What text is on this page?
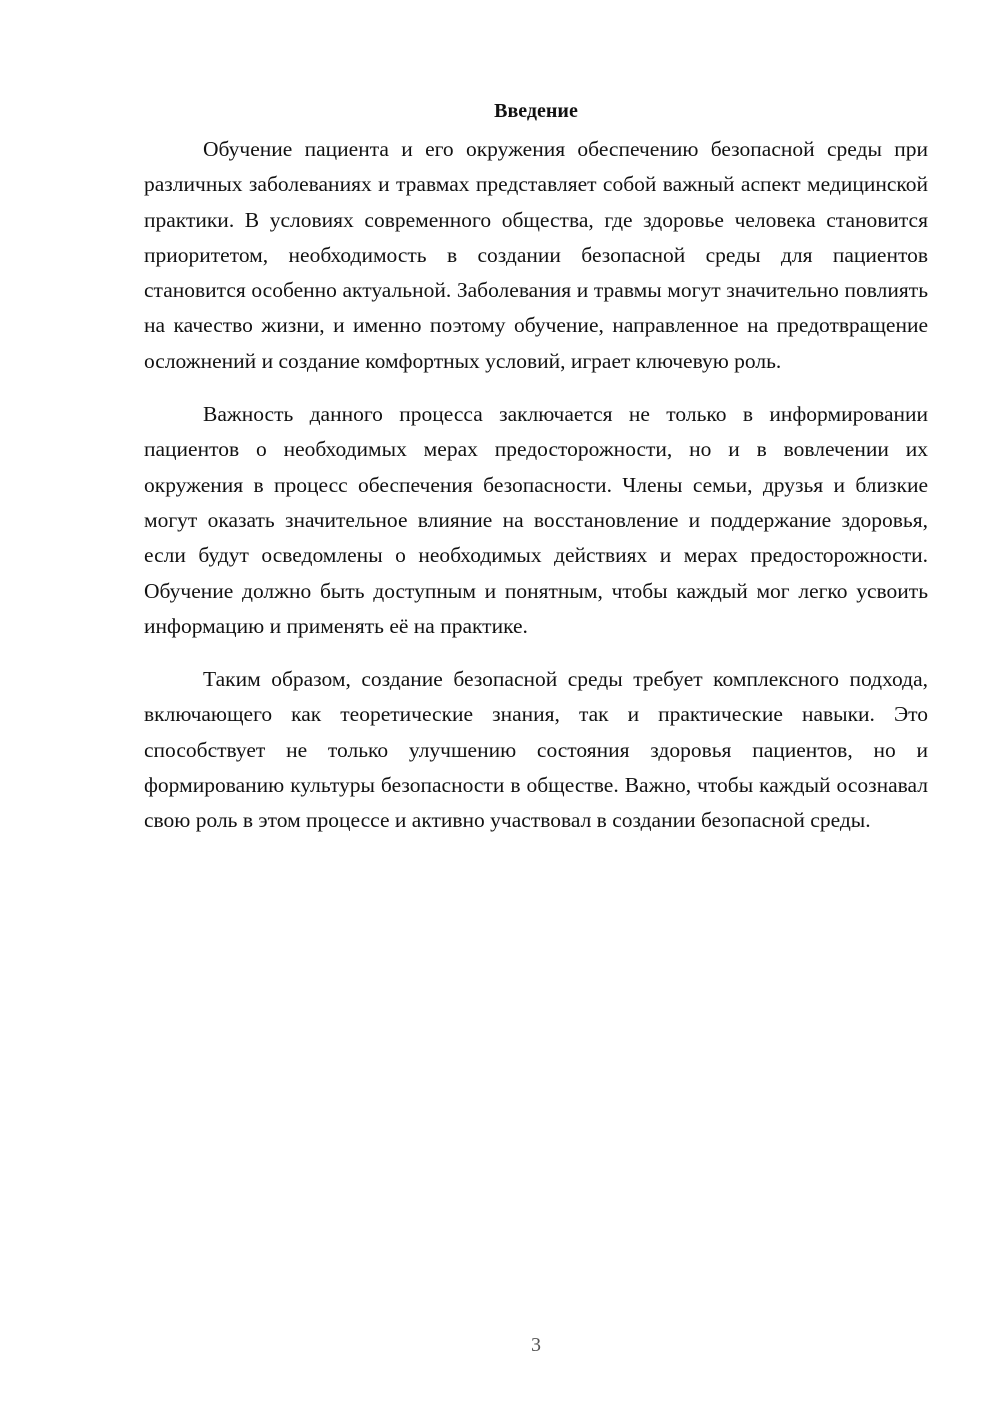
Введение

Обучение пациента и его окружения обеспечению безопасной среды при различных заболеваниях и травмах представляет собой важный аспект медицинской практики. В условиях современного общества, где здоровье человека становится приоритетом, необходимость в создании безопасной среды для пациентов становится особенно актуальной. Заболевания и травмы могут значительно повлиять на качество жизни, и именно поэтому обучение, направленное на предотвращение осложнений и создание комфортных условий, играет ключевую роль.

Важность данного процесса заключается не только в информировании пациентов о необходимых мерах предосторожности, но и в вовлечении их окружения в процесс обеспечения безопасности. Члены семьи, друзья и близкие могут оказать значительное влияние на восстановление и поддержание здоровья, если будут осведомлены о необходимых действиях и мерах предосторожности. Обучение должно быть доступным и понятным, чтобы каждый мог легко усвоить информацию и применять её на практике.

Таким образом, создание безопасной среды требует комплексного подхода, включающего как теоретические знания, так и практические навыки. Это способствует не только улучшению состояния здоровья пациентов, но и формированию культуры безопасности в обществе. Важно, чтобы каждый осознавал свою роль в этом процессе и активно участвовал в создании безопасной среды.

3
